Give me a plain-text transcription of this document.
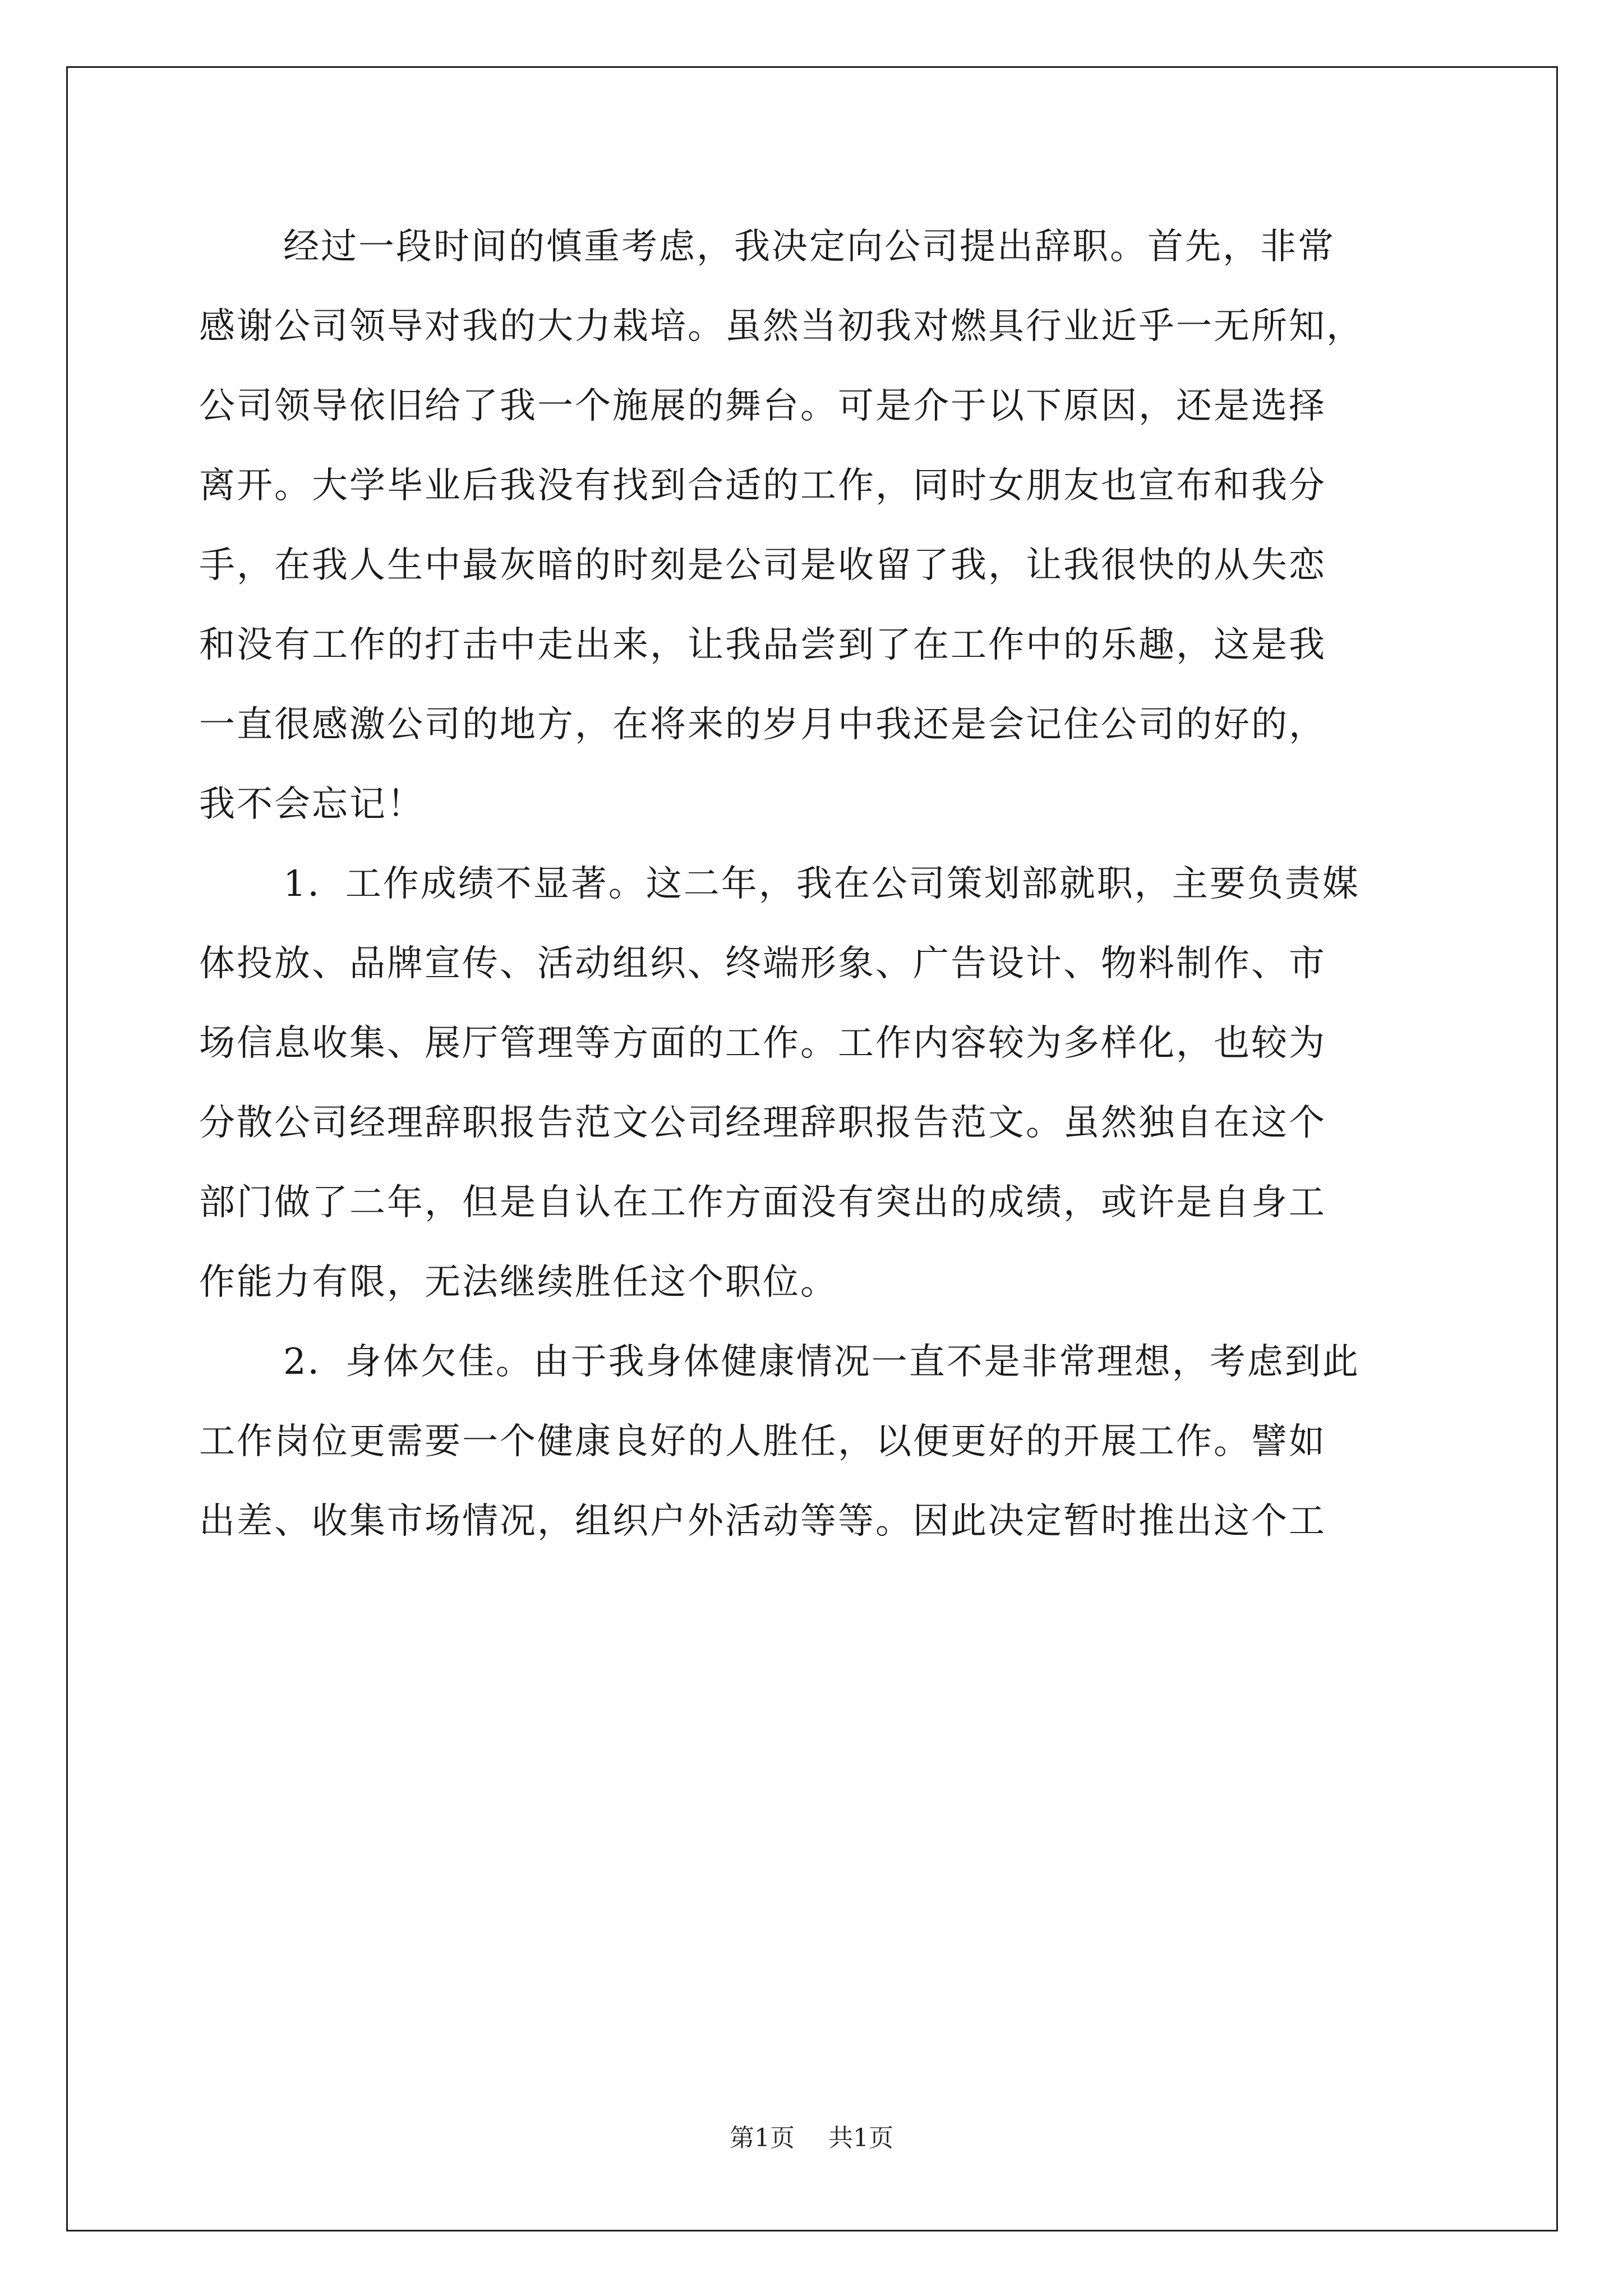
经过一段时间的慎重考虑，我决定向公司提出辞职。首先，非常
感谢公司领导对我的大力栽培。虽然当初我对燃具行业近乎一无所知，
公司领导依旧给了我一个施展的舞台。可是介于以下原因，还是选择
离开。大学毕业后我没有找到合适的工作，同时女朋友也宣布和我分
手，在我人生中最灰暗的时刻是公司是收留了我，让我很快的从失恋
和没有工作的打击中走出来，让我品尝到了在工作中的乐趣，这是我
一直很感激公司的地方，在将来的岁月中我还是会记住公司的好的，
我不会忘记！
1．工作成绩不显著。这二年，我在公司策划部就职，主要负责媒
体投放、品牌宣传、活动组织、终端形象、广告设计、物料制作、市
场信息收集、展厅管理等方面的工作。工作内容较为多样化，也较为
分散公司经理辞职报告范文公司经理辞职报告范文。虽然独自在这个
部门做了二年，但是自认在工作方面没有突出的成绩，或许是自身工
作能力有限，无法继续胜任这个职位。
2．身体欠佳。由于我身体健康情况一直不是非常理想，考虑到此
工作岗位更需要一个健康良好的人胜任，以便更好的开展工作。譬如
出差、收集市场情况，组织户外活动等等。因此决定暂时推出这个工
第1页 共1页
